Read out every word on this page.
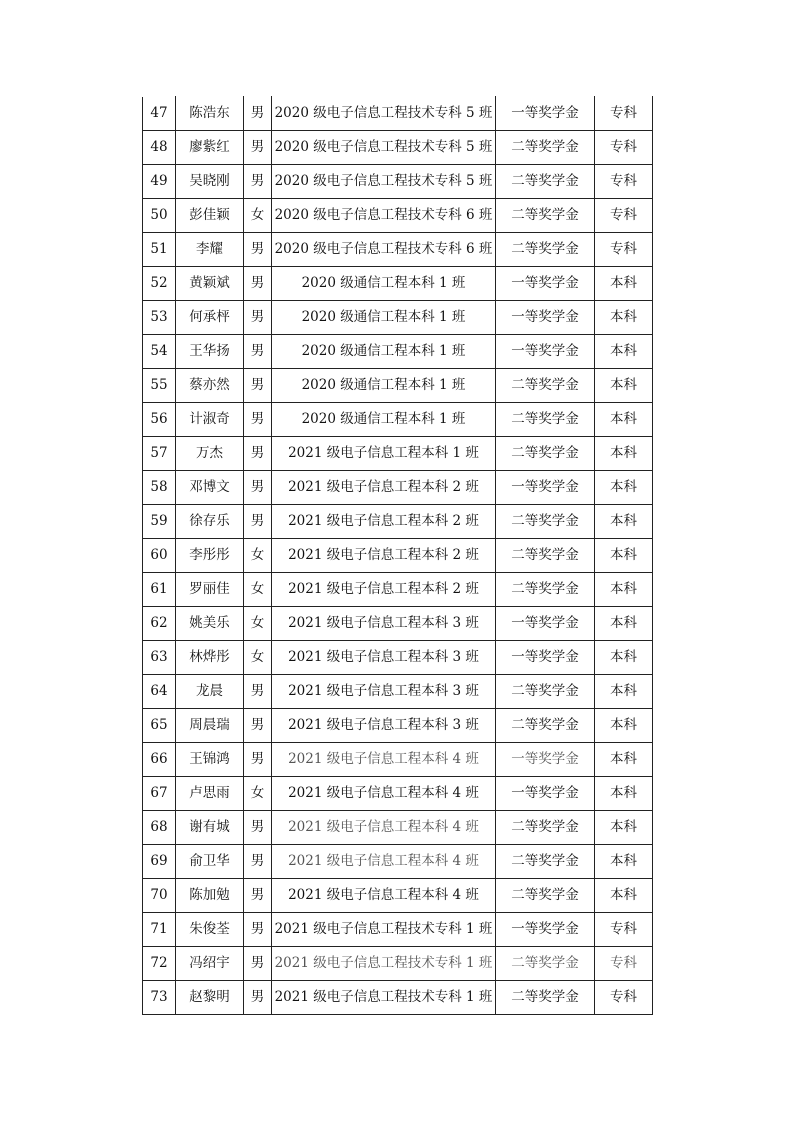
47	陈浩东	男	2020 级电子信息工程技术专科 5 班	一等奖学金	专科
48	廖紫红	男	2020 级电子信息工程技术专科 5 班	二等奖学金	专科
49	吴晓刚	男	2020 级电子信息工程技术专科 5 班	二等奖学金	专科
50	彭佳颖	女	2020 级电子信息工程技术专科 6 班	二等奖学金	专科
51	李耀	男	2020 级电子信息工程技术专科 6 班	二等奖学金	专科
52	黄颖斌	男	2020 级通信工程本科 1 班	一等奖学金	本科
53	何承枰	男	2020 级通信工程本科 1 班	一等奖学金	本科
54	王华扬	男	2020 级通信工程本科 1 班	一等奖学金	本科
55	蔡亦然	男	2020 级通信工程本科 1 班	二等奖学金	本科
56	计淑奇	男	2020 级通信工程本科 1 班	二等奖学金	本科
57	万杰	男	2021 级电子信息工程本科 1 班	二等奖学金	本科
58	邓博文	男	2021 级电子信息工程本科 2 班	一等奖学金	本科
59	徐存乐	男	2021 级电子信息工程本科 2 班	二等奖学金	本科
60	李彤彤	女	2021 级电子信息工程本科 2 班	二等奖学金	本科
61	罗丽佳	女	2021 级电子信息工程本科 2 班	二等奖学金	本科
62	姚美乐	女	2021 级电子信息工程本科 3 班	一等奖学金	本科
63	林烨彤	女	2021 级电子信息工程本科 3 班	一等奖学金	本科
64	龙晨	男	2021 级电子信息工程本科 3 班	二等奖学金	本科
65	周晨瑞	男	2021 级电子信息工程本科 3 班	二等奖学金	本科
66	王锦鸿	男	2021 级电子信息工程本科 4 班	一等奖学金	本科
67	卢思雨	女	2021 级电子信息工程本科 4 班	一等奖学金	本科
68	谢有城	男	2021 级电子信息工程本科 4 班	二等奖学金	本科
69	俞卫华	男	2021 级电子信息工程本科 4 班	二等奖学金	本科
70	陈加勉	男	2021 级电子信息工程本科 4 班	二等奖学金	本科
71	朱俊荃	男	2021 级电子信息工程技术专科 1 班	一等奖学金	专科
72	冯绍宇	男	2021 级电子信息工程技术专科 1 班	二等奖学金	专科
73	赵黎明	男	2021 级电子信息工程技术专科 1 班	二等奖学金	专科
